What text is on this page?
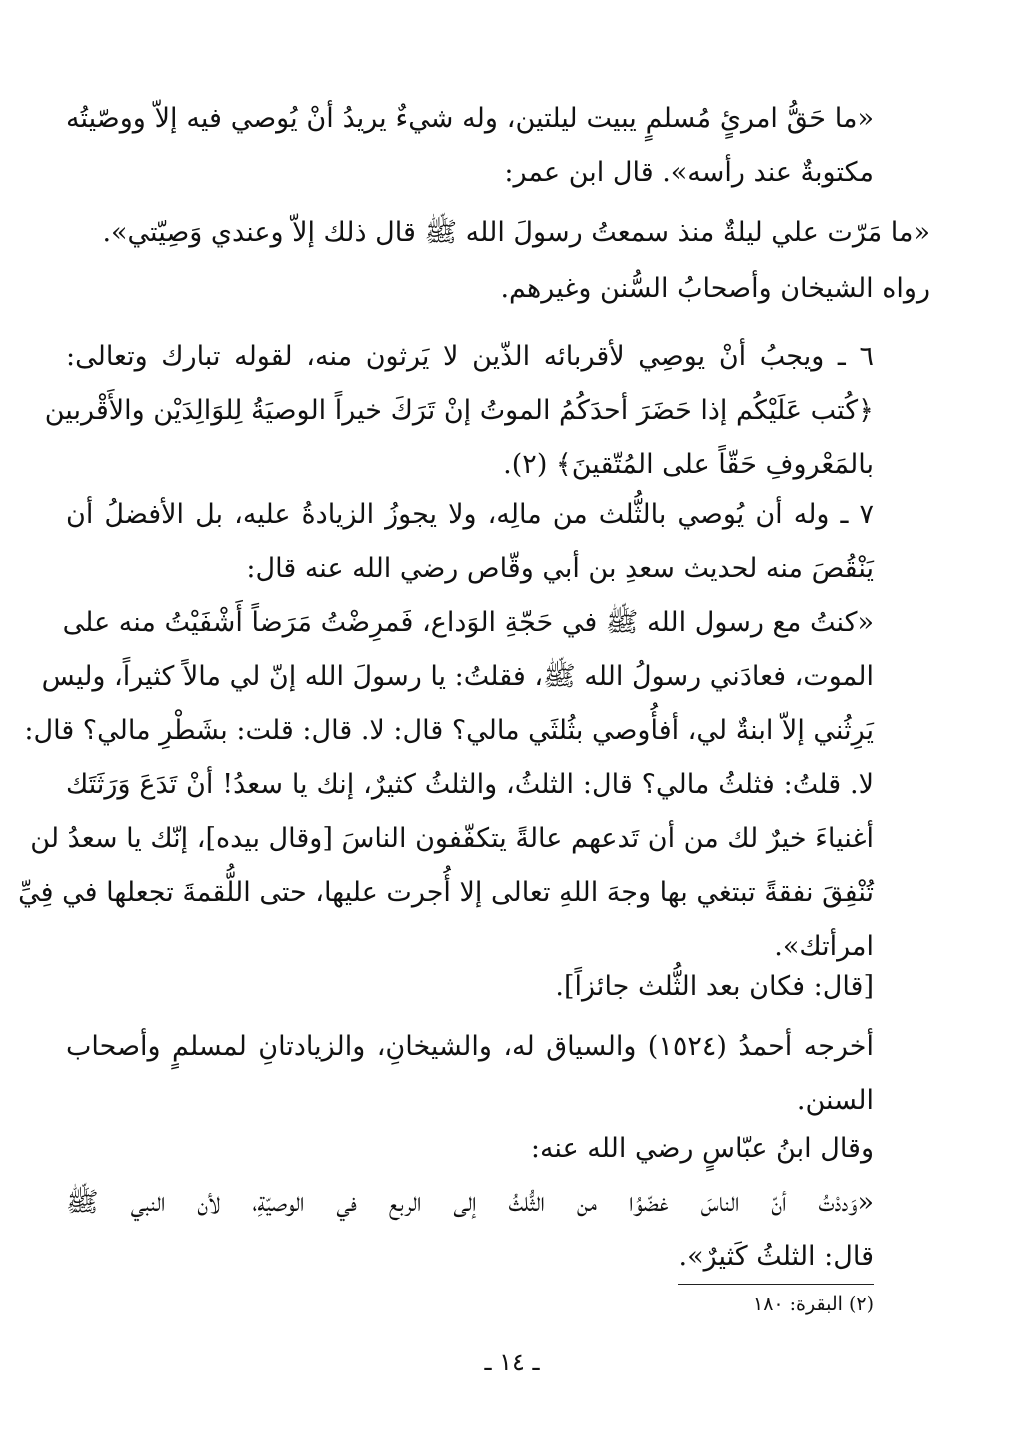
«ما حَقُّ امرئٍ مُسلمٍ يبيت ليلتين، وله شيءٌ يريدُ أنْ يُوصي فيه إلاّ ووصّيتُه
مكتوبةٌ عند رأسه». قال ابن عمر:
«ما مَرّت علي ليلةٌ منذ سمعتُ رسولَ الله ﷺ قال ذلك إلاّ وعندي وَصِيّتي».
رواه الشيخان وأصحابُ السُّنن وغيرهم.
٦ ـ ويجبُ أنْ يوصِي لأقربائه الذّين لا يَرثون منه، لقوله تبارك وتعالى:
﴿كُتب عَلَيْكُم إذا حَضَرَ أحدَكُمُ الموتُ إنْ تَرَكَ خيراً الوصيَةُ لِلوَالِدَيْن والأَقْربين
بالمَعْروفِ حَقّاً على المُتّقينَ﴾ (٢).
٧ ـ وله أن يُوصي بالثُّلث من مالِه، ولا يجوزُ الزيادةُ عليه، بل الأفضلُ أن
يَنْقُصَ منه لحديث سعدِ بن أبي وقّاص رضي الله عنه قال:
«كنتُ مع رسول الله ﷺ في حَجّةِ الوَداع، فَمرِضْتُ مَرَضاً أَشْفَيْتُ منه على
الموت، فعادَني رسولُ الله ﷺ، فقلتُ: يا رسولَ الله إنّ لي مالاً كثيراً، وليس
يَرِثُني إلاّ ابنةٌ لي، أفأُوصي بثُلثَي مالي؟ قال: لا. قال: قلت: بشَطْرِ مالي؟ قال:
لا. قلتُ: فثلثُ مالي؟ قال: الثلثُ، والثلثُ كثيرٌ، إنك يا سعدُ! أنْ تَدَعَ وَرَثَتَك
أغنياءَ خيرٌ لك من أن تَدعهم عالةً يتكفّفون الناسَ [وقال بيده]، إنّك يا سعدُ لن
تُنْفِقَ نفقةً تبتغي بها وجهَ اللهِ تعالى إلا أُجرت عليها، حتى اللُّقمةَ تجعلها في فِيِّ
امرأتك».
[قال: فكان بعد الثُّلث جائزاً].
أخرجه أحمدُ (١٥٢٤) والسياق له، والشيخانِ، والزيادتانِ لمسلمٍ وأصحاب
السنن.
وقال ابنُ عبّاسٍ رضي الله عنه:
«وَددْتُ أنّ الناسَ غضّوُا من الثُّلثُ إلى الربع في الوصيّةِ، لأن النبي ﷺ
قال: الثلثُ كَثيرٌ».
(٢) البقرة: ١٨٠
ـ ١٤ ـ
